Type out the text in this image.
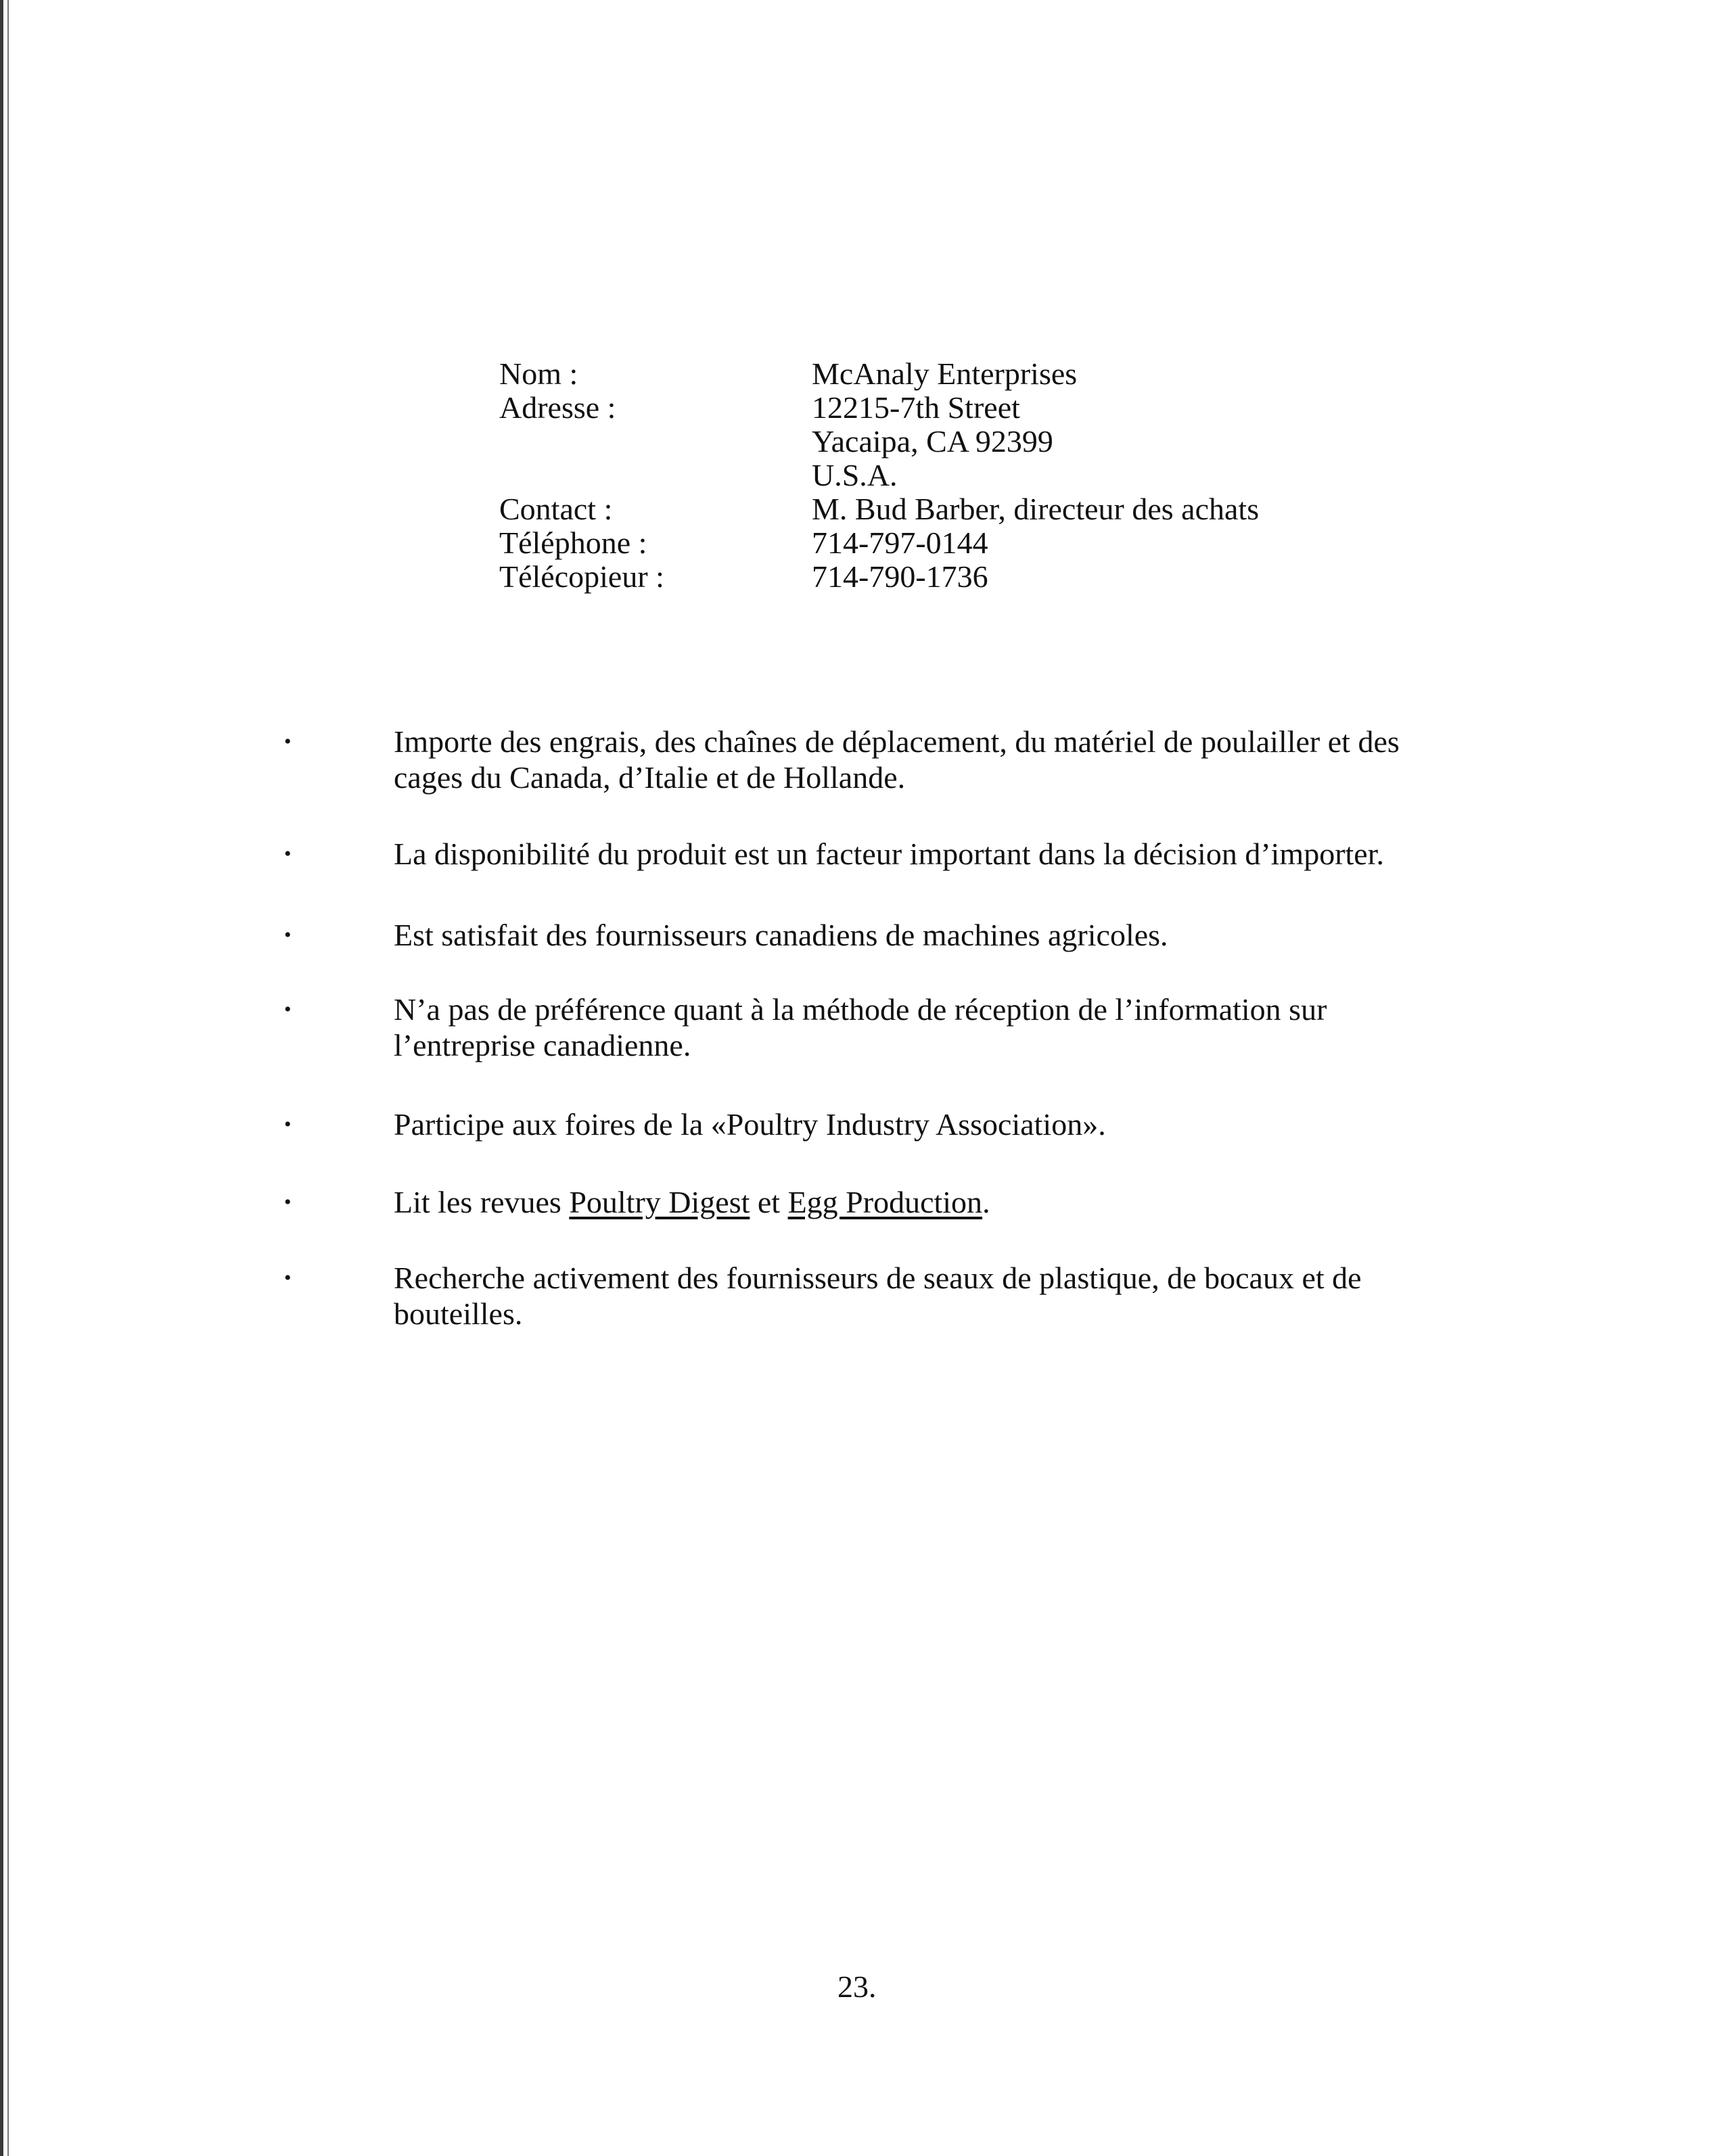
Nom :	McAnaly Enterprises
Adresse :	12215-7th Street
Yacaipa, CA 92399
U.S.A.
Contact :	M. Bud Barber, directeur des achats
Téléphone :	714-797-0144
Télécopieur :	714-790-1736
•	Importe des engrais, des chaînes de déplacement, du matériel de poulailler et des
cages du Canada, d’Italie et de Hollande.
•	La disponibilité du produit est un facteur important dans la décision d’importer.
•	Est satisfait des fournisseurs canadiens de machines agricoles.
•	N’a pas de préférence quant à la méthode de réception de l’information sur
l’entreprise canadienne.
•	Participe aux foires de la «Poultry Industry Association».
•	Lit les revues Poultry Digest et Egg Production.
•	Recherche activement des fournisseurs de seaux de plastique, de bocaux et de
bouteilles.
23.
